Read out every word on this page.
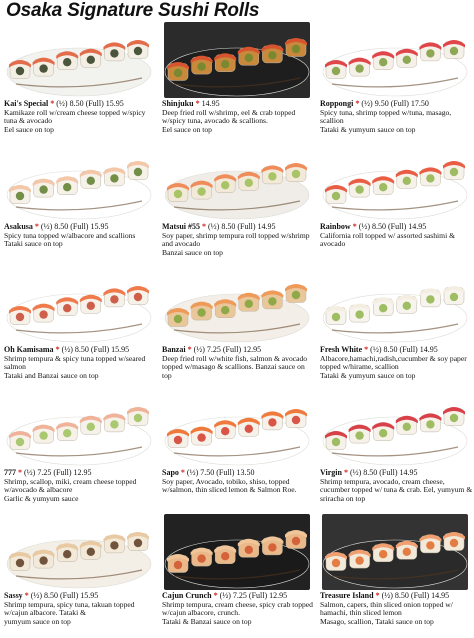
Osaka Signature Sushi Rolls
Kai's Special * (½) 8.50 (Full) 15.95
Kamikaze roll w/cream cheese topped w/spicy tuna & avocado
Eel sauce on top
Shinjuku * 14.95
Deep fried roll w/shrimp, eel & crab topped w/spicy tuna, avocado & scallions.
Eel sauce on top
Roppongi * (½) 9.50 (Full) 17.50
Spicy tuna, shrimp topped w/tuna, masago, scallion
Tataki & yumyum sauce on top
Asakusa * (½) 8.50 (Full) 15.95
Spicy tuna topped w/albacore and scallions
Tataki sauce on top
Matsui #55 * (½) 8.50 (Full) 14.95
Soy paper, shrimp tempura roll topped w/shrimp and avocado
Banzai sauce on top
Rainbow * (½) 8.50 (Full) 14.95
California roll topped w/ assorted sashimi & avocado
Oh Kamisama * (½) 8.50 (Full) 15.95
Shrimp tempura & spicy tuna topped w/seared salmon
Tataki and Banzai sauce on top
Banzai * (½) 7.25 (Full) 12.95
Deep fried roll w/white fish, salmon & avocado topped w/masago & scallions. Banzai sauce on top
Fresh White * (½) 8.50 (Full) 14.95
Albacore,hamachi,radish,cucumber & soy paper topped w/hirame, scallion
Tataki & yumyum sauce on top
777 * (½) 7.25 (Full) 12.95
Shrimp, scallop, miki, cream cheese topped w/avocado & albacore
Garlic & yumyum sauce
Sapo * (½) 7.50 (Full) 13.50
Soy paper, Avocado, tobiko, shiso, topped w/salmon, thin sliced lemon & Salmon Roe.
Virgin * (½) 8.50 (Full) 14.95
Shrimp tempura, avocado, cream cheese, cucumber topped w/ tuna & crab. Eel, yumyum & sriracha on top
Sassy * (½) 8.50 (Full) 15.95
Shrimp tempura, spicy tuna, takuan topped w/cajun albacore. Tataki &
yumyum sauce on top
Cajun Crunch * (½) 7.25 (Full) 12.95
Shrimp tempura, cream cheese, spicy crab topped w/cajun albacore, crunch.
Tataki & Banzai sauce on top
Treasure Island * (½) 8.50 (Full) 14.95
Salmon, capers, thin sliced onion topped w/ hamachi, thin sliced lemon
Masago, scallion, Tataki sauce on top
